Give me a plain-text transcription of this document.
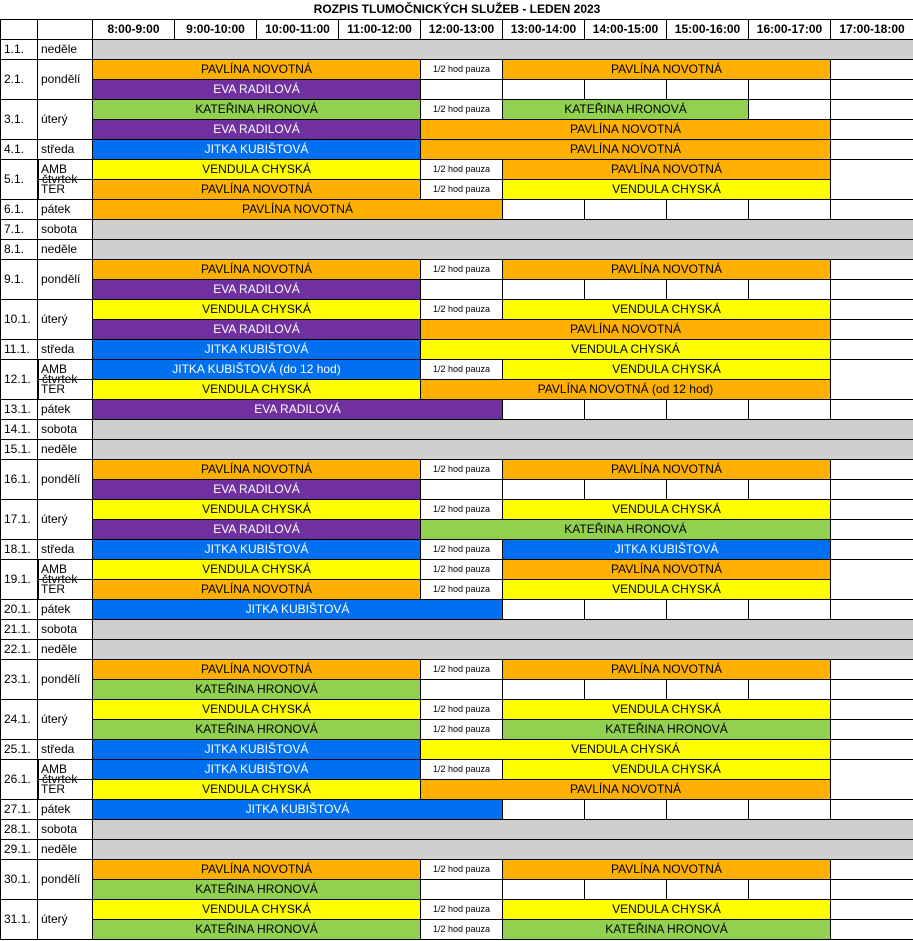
ROZPIS TLUMOČNICKÝCH SLUŽEB - LEDEN 2023											
		8:00-9:00	9:00-10:00	10:00-11:00	11:00-12:00	12:00-13:00	13:00-14:00	14:00-15:00	15:00-16:00	16:00-17:00	17:00-18:00
1.1.	neděle										
2.1.	pondělí	PAVLÍNA NOVOTNÁ				1/2 hod pauza	PAVLÍNA NOVOTNÁ				
		EVA RADILOVÁ									
3.1.	úterý	KATEŘINA HRONOVÁ				1/2 hod pauza	KATEŘINA HRONOVÁ				
		EVA RADILOVÁ				PAVLÍNA NOVOTNÁ					
4.1.	středa	JITKA KUBIŠTOVÁ				PAVLÍNA NOVOTNÁ					

5.1. čtvrtek	AMB	VENDULA CHYSKÁ				1/2 hod pauza	PAVLÍNA NOVOTNÁ				
	TER	PAVLÍNA NOVOTNÁ				1/2 hod pauza	VENDULA CHYSKÁ				
6.1.	pátek	PAVLÍNA NOVOTNÁ									
7.1.	sobota										
8.1.	neděle										
9.1.	pondělí	PAVLÍNA NOVOTNÁ				1/2 hod pauza	PAVLÍNA NOVOTNÁ				
		EVA RADILOVÁ									
10.1.	úterý	VENDULA CHYSKÁ				1/2 hod pauza	VENDULA CHYSKÁ				
		EVA RADILOVÁ				PAVLÍNA NOVOTNÁ					
11.1.	středa	JITKA KUBIŠTOVÁ				VENDULA CHYSKÁ					

12.1. čtvrtek	AMB	JITKA KUBIŠTOVÁ (do 12 hod)				1/2 hod pauza	VENDULA CHYSKÁ				
	TER	VENDULA CHYSKÁ				PAVLÍNA NOVOTNÁ (od 12 hod)					
13.1.	pátek	EVA RADILOVÁ									
14.1.	sobota										
15.1.	neděle										
16.1.	pondělí	PAVLÍNA NOVOTNÁ				1/2 hod pauza	PAVLÍNA NOVOTNÁ				
		EVA RADILOVÁ									
17.1.	úterý	VENDULA CHYSKÁ				1/2 hod pauza	VENDULA CHYSKÁ				
		EVA RADILOVÁ				KATEŘINA HRONOVÁ					
18.1.	středa	JITKA KUBIŠTOVÁ				1/2 hod pauza	JITKA KUBIŠTOVÁ				

19.1. čtvrtek	AMB	VENDULA CHYSKÁ				1/2 hod pauza	PAVLÍNA NOVOTNÁ				
	TER	PAVLÍNA NOVOTNÁ				1/2 hod pauza	VENDULA CHYSKÁ				
20.1.	pátek	JITKA KUBIŠTOVÁ									
21.1.	sobota										
22.1.	neděle										
23.1.	pondělí	PAVLÍNA NOVOTNÁ				1/2 hod pauza	PAVLÍNA NOVOTNÁ				
		KATEŘINA HRONOVÁ									
24.1.	úterý	VENDULA CHYSKÁ				1/2 hod pauza	VENDULA CHYSKÁ				
		KATEŘINA HRONOVÁ				1/2 hod pauza	KATEŘINA HRONOVÁ				
25.1.	středa	JITKA KUBIŠTOVÁ				VENDULA CHYSKÁ					

26.1. čtvrtek	AMB	JITKA KUBIŠTOVÁ				1/2 hod pauza	VENDULA CHYSKÁ				
	TER	VENDULA CHYSKÁ				PAVLÍNA NOVOTNÁ					
27.1.	pátek	JITKA KUBIŠTOVÁ									
28.1.	sobota										
29.1.	neděle										
30.1.	pondělí	PAVLÍNA NOVOTNÁ				1/2 hod pauza	PAVLÍNA NOVOTNÁ				
		KATEŘINA HRONOVÁ									
31.1.	úterý	VENDULA CHYSKÁ				1/2 hod pauza	VENDULA CHYSKÁ				
		KATEŘINA HRONOVÁ				1/2 hod pauza	KATEŘINA HRONOVÁ				
